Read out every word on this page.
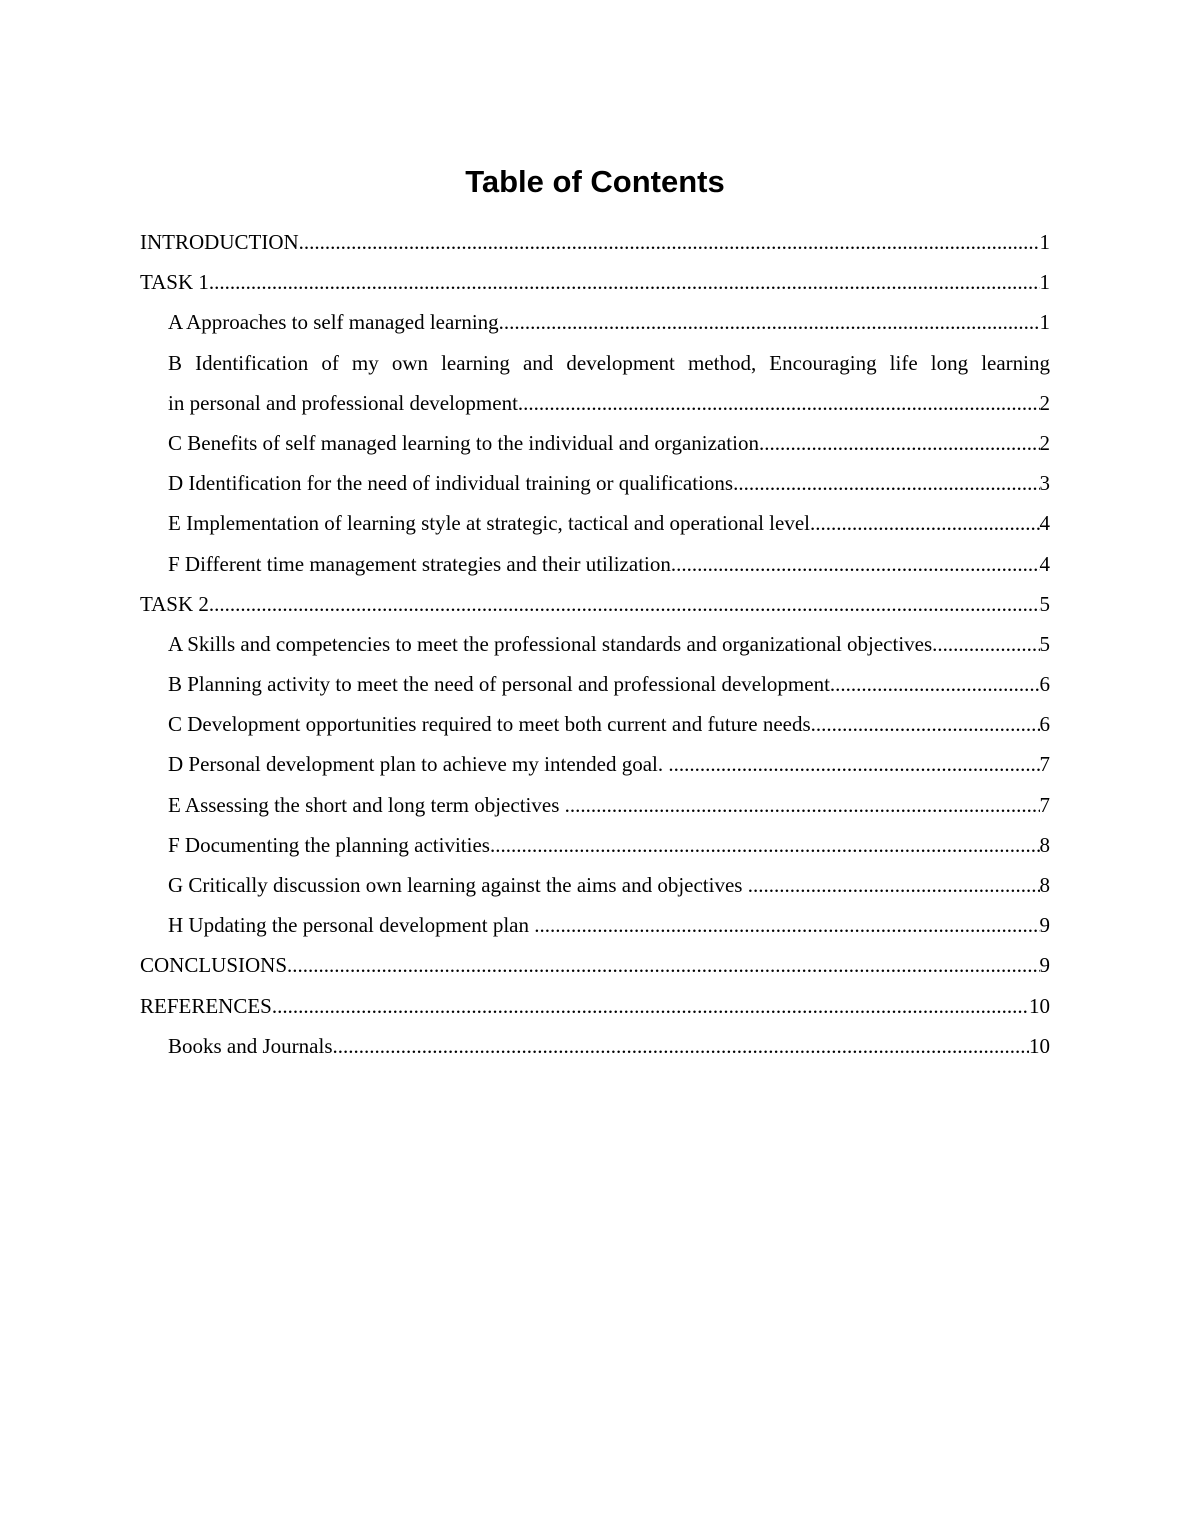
Table of Contents
INTRODUCTION .....	1
TASK 1 .....	1
A Approaches to self managed learning .....	1
B Identification of my own learning and development method, Encouraging life long learning
in personal and professional development .....	2
C Benefits of self managed learning to the individual and organization .....	2
D Identification for the need of individual training or qualifications .....	3
E Implementation of learning style at strategic, tactical and operational level .....	4
F Different time management strategies and their utilization .....	4
TASK 2 .....	5
A Skills and competencies to meet the professional standards and organizational objectives .....	5
B Planning activity to meet the need of personal and professional development .....	6
C Development opportunities required to meet both current and future needs .....	6
D Personal development plan to achieve my intended goal. .....	7
E Assessing the short and long term objectives .....	7
F Documenting the planning activities .....	8
G Critically discussion own learning against the aims and objectives .....	8
H Updating the personal development plan .....	9
CONCLUSIONS .....	9
REFERENCES .....	10
Books and Journals .....	10
